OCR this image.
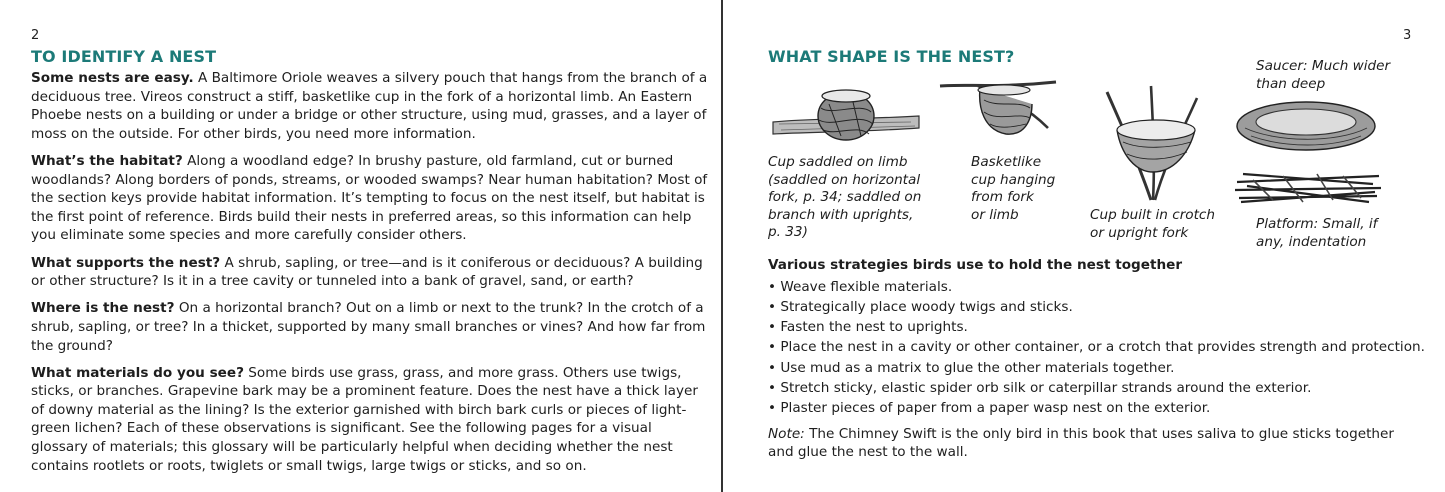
2
TO IDENTIFY A NEST

Some nests are easy. A Baltimore Oriole weaves a silvery pouch that hangs from the branch of a deciduous tree. Vireos construct a stiff, basketlike cup in the fork of a horizontal limb. An Eastern Phoebe nests on a building or under a bridge or other structure, using mud, grasses, and a layer of moss on the outside. For other birds, you need more information.

What’s the habitat? Along a woodland edge? In brushy pasture, old farmland, cut or burned woodlands? Along borders of ponds, streams, or wooded swamps? Near human habitation? Most of the section keys provide habitat information. It’s tempting to focus on the nest itself, but habitat is the first point of reference. Birds build their nests in preferred areas, so this information can help you eliminate some species and more carefully consider others.

What supports the nest? A shrub, sapling, or tree—and is it coniferous or deciduous? A building or other structure? Is it in a tree cavity or tunneled into a bank of gravel, sand, or earth?

Where is the nest? On a horizontal branch? Out on a limb or next to the trunk? In the crotch of a shrub, sapling, or tree? In a thicket, supported by many small branches or vines? And how far from the ground?

What materials do you see? Some birds use grass, grass, and more grass. Others use twigs, sticks, or branches. Grapevine bark may be a prominent feature. Does the nest have a thick layer of downy material as the lining? Is the exterior garnished with birch bark curls or pieces of light-green lichen? Each of these observations is significant. See the following pages for a visual glossary of materials; this glossary will be particularly helpful when deciding whether the nest contains rootlets or roots, twiglets or small twigs, large twigs or sticks, and so on.

3
WHAT SHAPE IS THE NEST?
Cup saddled on limb
(saddled on horizontal
fork, p. 34; saddled on
branch with uprights,
p. 33)
Basketlike
cup hanging
from fork
or limb	Cup built in crotch
or upright fork
Saucer: Much wider
than deep
Platform: Small, if
any, indentation

Various strategies birds use to hold the nest together

• Weave flexible materials.
• Strategically place woody twigs and sticks.
• Fasten the nest to uprights.
• Place the nest in a cavity or other container, or a crotch that provides strength and protection.
• Use mud as a matrix to glue the other materials together.
• Stretch sticky, elastic spider orb silk or caterpillar strands around the exterior.
• Plaster pieces of paper from a paper wasp nest on the exterior.

Note: The Chimney Swift is the only bird in this book that uses saliva to glue sticks together and glue the nest to the wall.
